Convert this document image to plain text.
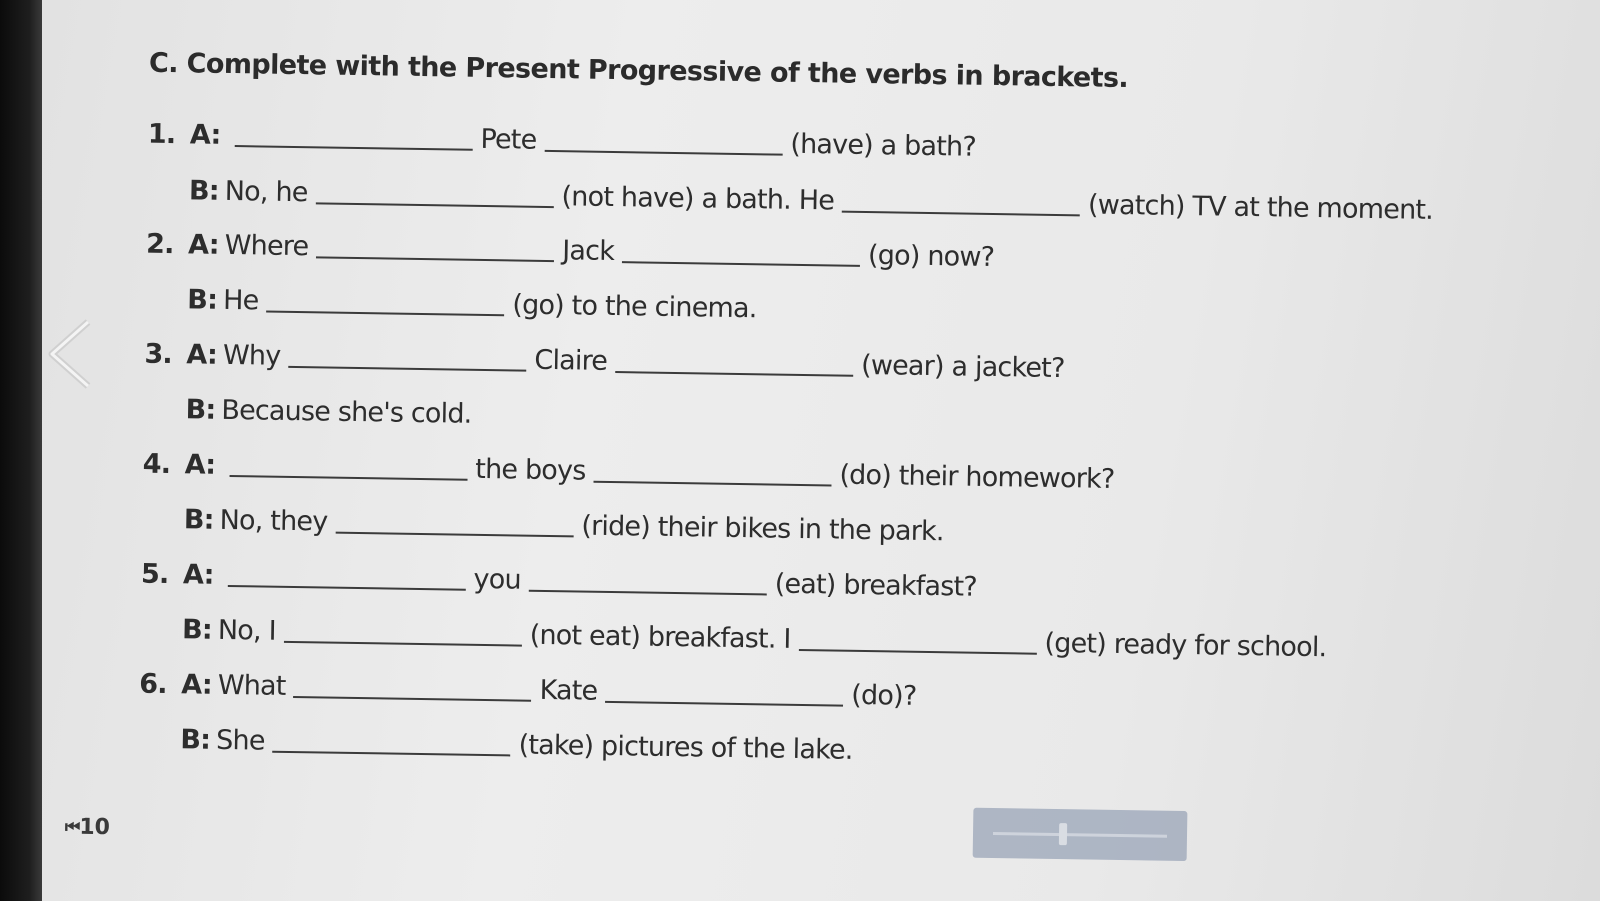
C. Complete with the Present Progressive of the verbs in brackets.
1. A:	Pete	(have) a bath?
B: No, he	(not have) a bath. He	(watch) TV at the moment.
2. A: Where	Jack	(go) now?
B: He	(go) to the cinema.
3. A: Why	Claire	(wear) a jacket?
B: Because she's cold.
4. A:	the boys	(do) their homework?
B: No, they	(ride) their bikes in the park.
5. A:	you	(eat) breakfast?
B: No, I	(not eat) breakfast. I	(get) ready for school.
6. A: What	Kate	(do)?
B: She	(take) pictures of the lake.
⏮ 10
